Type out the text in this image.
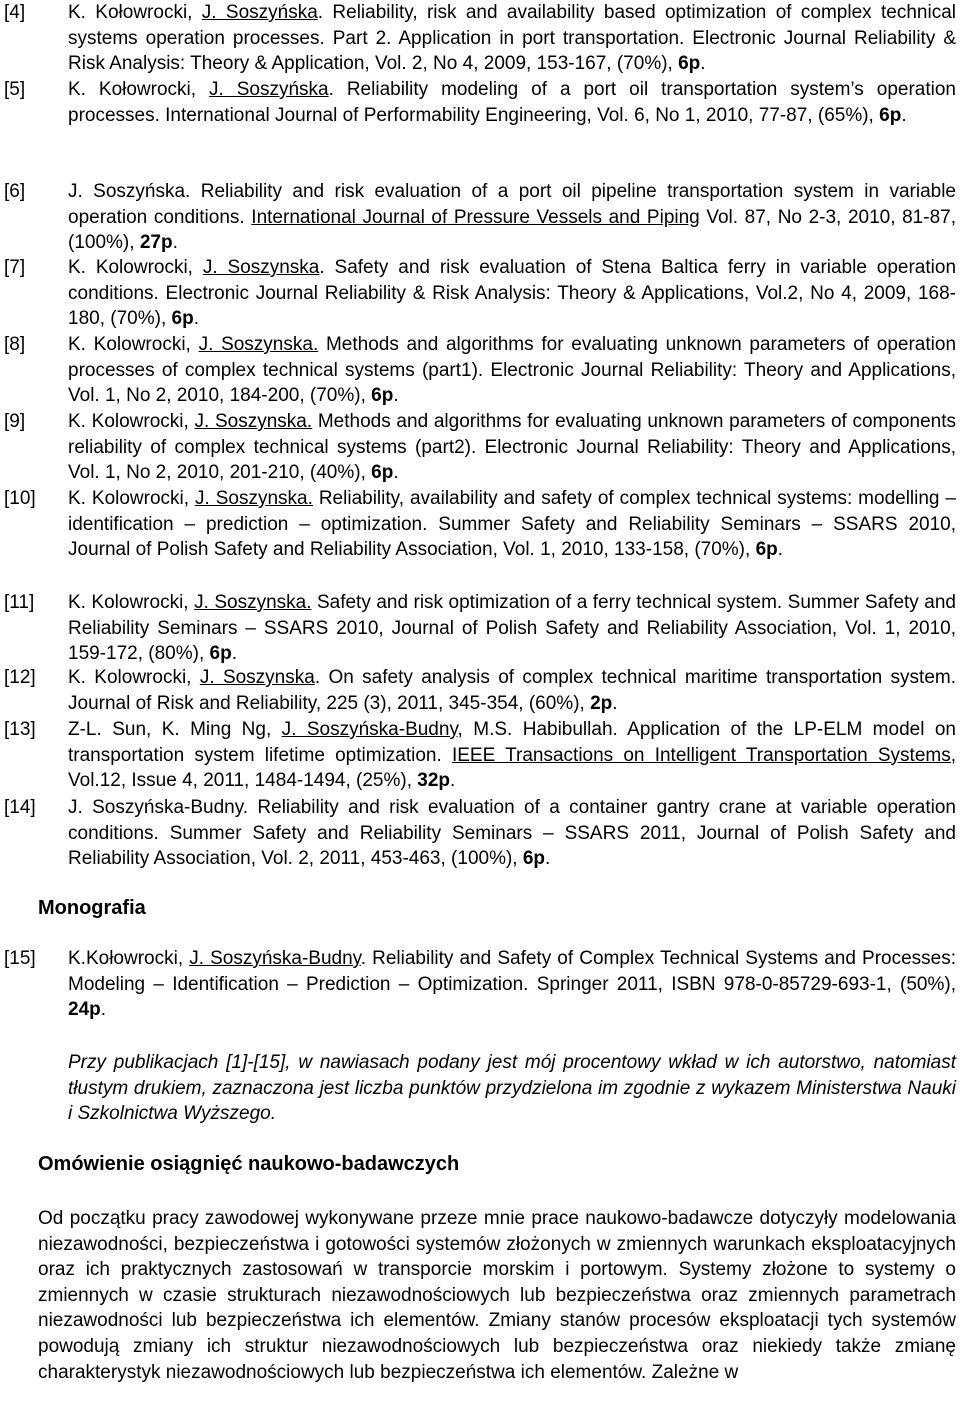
[4]	K. Kołowrocki, J. Soszyńska. Reliability, risk and availability based optimization of complex technical systems operation processes. Part 2. Application in port transportation. Electronic Journal Reliability & Risk Analysis: Theory & Application, Vol. 2, No 4, 2009, 153-167, (70%), 6p.
[5]	K. Kołowrocki, J. Soszyńska. Reliability modeling of a port oil transportation system’s operation processes. International Journal of Performability Engineering, Vol. 6, No 1, 2010, 77-87, (65%), 6p.
[6]	J. Soszyńska. Reliability and risk evaluation of a port oil pipeline transportation system in variable operation conditions. International Journal of Pressure Vessels and Piping Vol. 87, No 2-3, 2010, 81-87, (100%), 27p.
[7]	K. Kolowrocki, J. Soszynska. Safety and risk evaluation of Stena Baltica ferry in variable operation conditions. Electronic Journal Reliability & Risk Analysis: Theory & Applications, Vol.2, No 4, 2009, 168-180, (70%), 6p.
[8]	K. Kolowrocki, J. Soszynska. Methods and algorithms for evaluating unknown parameters of operation processes of complex technical systems (part1). Electronic Journal Reliability: Theory and Applications, Vol. 1, No 2, 2010, 184-200, (70%), 6p.
[9]	K. Kolowrocki, J. Soszynska. Methods and algorithms for evaluating unknown parameters of components reliability of complex technical systems (part2). Electronic Journal Reliability: Theory and Applications, Vol. 1, No 2, 2010, 201-210, (40%), 6p.
[10]	K. Kolowrocki, J. Soszynska. Reliability, availability and safety of complex technical systems: modelling – identification – prediction – optimization. Summer Safety and Reliability Seminars – SSARS 2010, Journal of Polish Safety and Reliability Association, Vol. 1, 2010, 133-158, (70%), 6p.
[11]	K. Kolowrocki, J. Soszynska. Safety and risk optimization of a ferry technical system. Summer Safety and Reliability Seminars – SSARS 2010, Journal of Polish Safety and Reliability Association, Vol. 1, 2010, 159-172, (80%), 6p.
[12]	K. Kolowrocki, J. Soszynska. On safety analysis of complex technical maritime transportation system. Journal of Risk and Reliability, 225 (3), 2011, 345-354, (60%), 2p.
[13]	Z-L. Sun, K. Ming Ng, J. Soszyńska-Budny, M.S. Habibullah. Application of the LP-ELM model on transportation system lifetime optimization. IEEE Transactions on Intelligent Transportation Systems, Vol.12, Issue 4, 2011, 1484-1494, (25%), 32p.
[14]	J. Soszyńska-Budny. Reliability and risk evaluation of a container gantry crane at variable operation conditions. Summer Safety and Reliability Seminars – SSARS 2011, Journal of Polish Safety and Reliability Association, Vol. 2, 2011, 453-463, (100%), 6p.
Monografia
[15]	K.Kołowrocki, J. Soszyńska-Budny. Reliability and Safety of Complex Technical Systems and Processes: Modeling – Identification – Prediction – Optimization. Springer 2011, ISBN 978-0-85729-693-1, (50%), 24p.
Przy publikacjach [1]-[15], w nawiasach podany jest mój procentowy wkład w ich autorstwo, natomiast tłustym drukiem, zaznaczona jest liczba punktów przydzielona im zgodnie z wykazem Ministerstwa Nauki i Szkolnictwa Wyższego.
Omówienie osiągnięć naukowo-badawczych
Od początku pracy zawodowej wykonywane przeze mnie prace naukowo-badawcze dotyczyły modelowania niezawodności, bezpieczeństwa i gotowości systemów złożonych w zmiennych warunkach eksploatacyjnych oraz ich praktycznych zastosowań w transporcie morskim i portowym. Systemy złożone to systemy o zmiennych w czasie strukturach niezawodnościowych lub bezpieczeństwa oraz zmiennych parametrach niezawodności lub bezpieczeństwa ich elementów. Zmiany stanów procesów eksploatacji tych systemów powodują zmiany ich struktur niezawodnościowych lub bezpieczeństwa oraz niekiedy także zmianę charakterystyk niezawodnościowych lub bezpieczeństwa ich elementów. Zależne w
